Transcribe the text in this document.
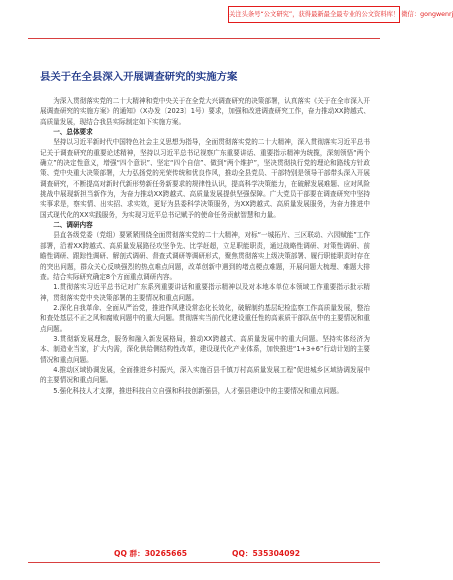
关注头条号“公文研究”，获得最新最全最专业的公文资料库！ 微信：gongwenrj
县关于在全县深入开展调查研究的实施方案

为深入贯彻落实党的二十大精神和党中央关于在全党大兴调查研究的决策部署，认真落实《关于在全市深入开展调查研究的实施方案》的通知》（X办发〔2023〕1号）要求，加强和改进调查研究工作，奋力推动XX跨越式、高质量发展，现结合我县实际制定如下实施方案。

一、总体要求

坚持以习近平新时代中国特色社会主义思想为指导，全面贯彻落实党的二十大精神，深入贯彻落实习近平总书记关于调查研究的重要论述精神，坚持以习近平总书记视察广东重要讲话、重要指示精神为统揽，深刻领悟“两个确立”的决定性意义，增强“四个意识”、坚定“四个自信”、做到“两个维护”，坚决贯彻执行党的理论和路线方针政策、党中央重大决策部署，大力弘扬党的光荣传统和优良作风，推动全县党员、干部特别是领导干部带头深入开展调查研究，不断提高对新时代新形势新任务新要求的规律性认识，提高科学决策能力，在破解发展难题、应对风险挑战中展现新担当新作为，为奋力推动XX跨越式、高质量发展提供坚强保障。广大党员干部要在调查研究中坚持实事求是，察实情、出实招、求实效，更好为县委科学决策服务，为XX跨越式、高质量发展服务，为奋力推进中国式现代化的XX实践服务，为实现习近平总书记赋予的使命任务贡献智慧和力量。

二、调研内容

县直各级党委（党组）要紧紧围绕全面贯彻落实党的二十大精神，对标“一城拓片、三区联动、六园赋能”工作部署，沿着XX跨越式、高质量发展路径攻坚争先、比学赶超，立足职能职责，通过战略性调研、对策性调研、前瞻性调研、跟踪性调研、解剖式调研、督查式调研等调研形式，聚焦贯彻落实上级决策部署、履行职能职责时存在的突出问题，群众关心反映强烈的热点难点问题，改革创新中遇到的堵点梗点难题，开展问题大梳理、难题大排查。结合实际研究确定8个方面重点调研内容。

1.贯彻落实习近平总书记对广东系列重要讲话和重要指示精神以及对本地本单位本领域工作重要指示批示精神，贯彻落实党中央决策部署的主要情况和重点问题。

2.深化自我革命、全面从严治党，推进作风建设常态化长效化，破解制约基层纪检监察工作高质量发展，整治和查处基层不正之风和腐败问题中的重大问题。贯彻落实当前代化建设重任性的高素质干部队伍中的主要情况和重点问题。

3.贯彻新发展理念，服务和融入新发展格局，推动XX跨越式、高质量发展中的重大问题。坚持实体经济为本、制造业当家，扩大内需，深化供给侧结构性改革，建设现代化产业体系，加快推进“1+3+6”行动计划的主要情况和重点问题。

4.推动区域协调发展，全面推进乡村振兴，深入实施百县千镇万村高质量发展工程”促进城乡区域协调发展中的主要情况和重点问题。

5.强化科技人才支撑，推进科技自立自强和科技创新强县，人才强县建设中的主要情况和重点问题。

QQ 群：30265665	QQ：535304092
